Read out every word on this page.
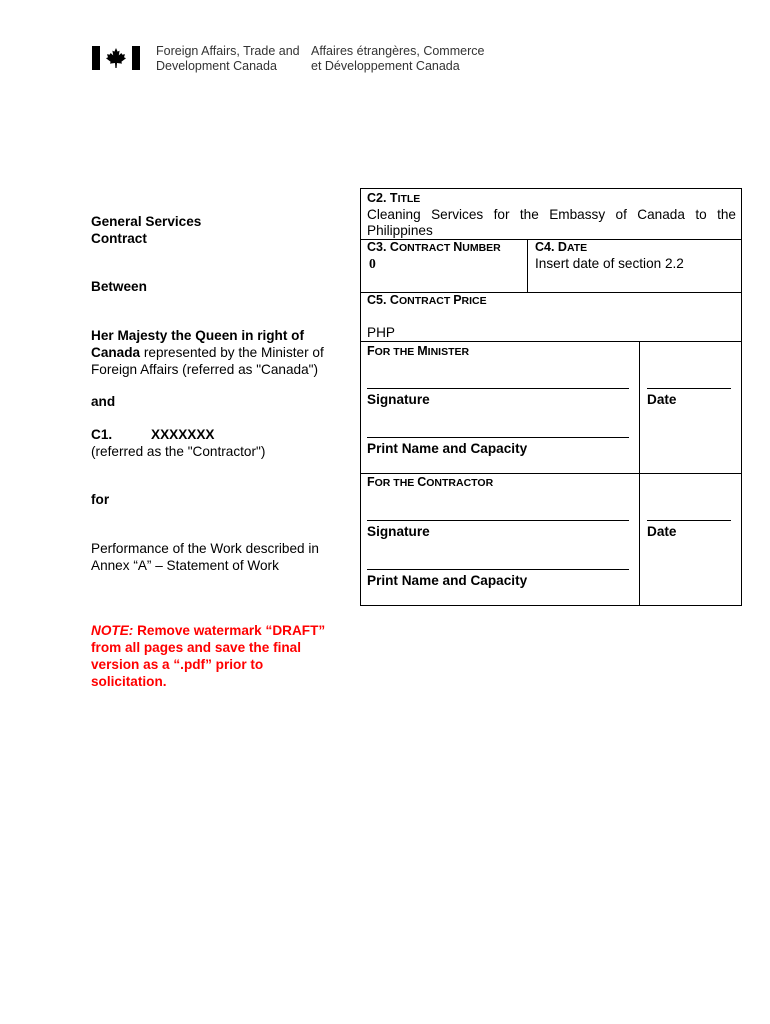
Foreign Affairs, Trade and
Development Canada
Affaires étrangères, Commerce
et Développement Canada
General Services
Contract
Between
Her Majesty the Queen in right of
Canada represented by the Minister of
Foreign Affairs (referred as "Canada")
and
C1.	XXXXXXX
(referred as the "Contractor")
for
Performance of the Work described in
Annex “A” – Statement of Work
NOTE: Remove watermark “DRAFT”
from all pages and save the final
version as a “.pdf” prior to
solicitation.
C2. TITLE
Cleaning Services for the Embassy of Canada to the
Philippines
C3. CONTRACT NUMBER
0
C4. DATE
Insert date of section 2.2
C5. CONTRACT PRICE
PHP
FOR THE MINISTER
Signature	Date
Print Name and Capacity
FOR THE CONTRACTOR
Signature	Date
Print Name and Capacity
